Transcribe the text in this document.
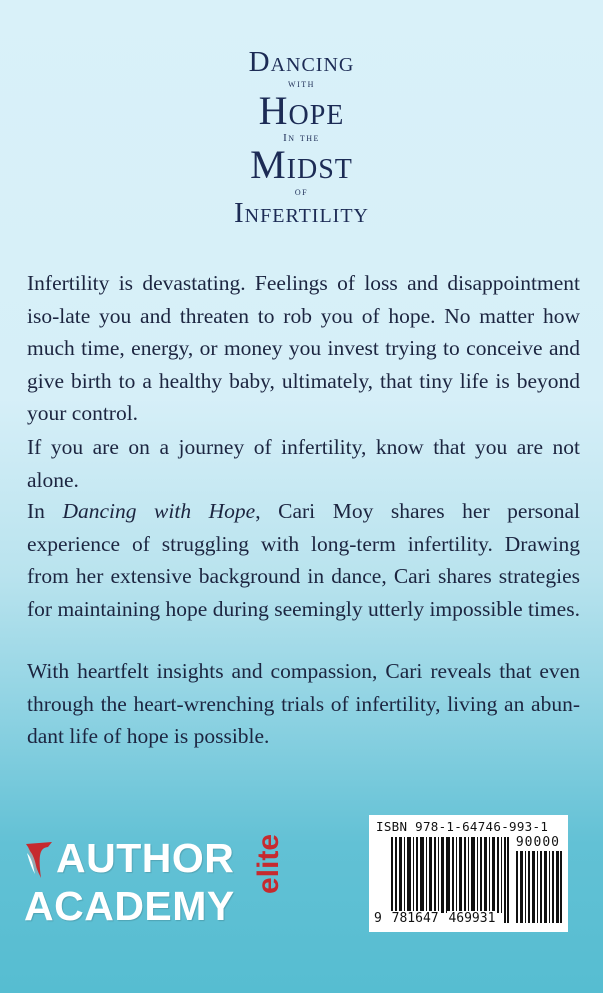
Dancing
with
Hope
In the
Midst
of
Infertility

Infertility is devastating. Feelings of loss and disappointment iso-late you and threaten to rob you of hope. No matter how much time, energy, or money you invest trying to conceive and give birth to a healthy baby, ultimately, that tiny life is beyond your control.

If you are on a journey of infertility, know that you are not alone.

In Dancing with Hope, Cari Moy shares her personal experience of struggling with long-term infertility. Drawing from her extensive background in dance, Cari shares strategies for maintaining hope during seemingly utterly impossible times.

With heartfelt insights and compassion, Cari reveals that even through the heart-wrenching trials of infertility, living an abun-dant life of hope is possible.

AUTHOR
ACADEMY
elite
ISBN 978-1-64746-993-1
90000
9 781647 469931
